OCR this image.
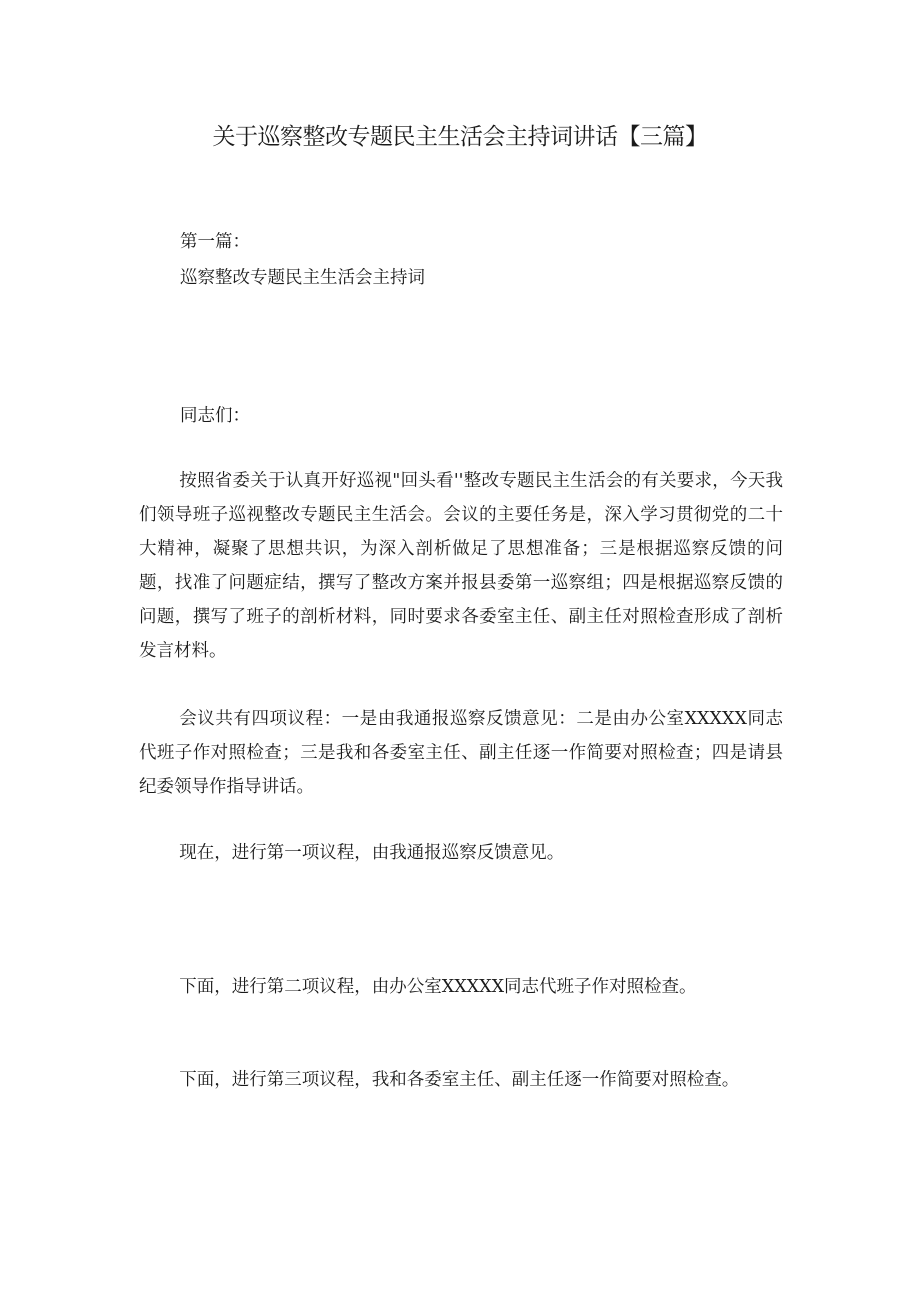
关于巡察整改专题民主生活会主持词讲话【三篇】

第一篇：

巡察整改专题民主生活会主持词

同志们：

按照省委关于认真开好巡视"回头看''整改专题民主生活会的有关要求，今天我们领导班子巡视整改专题民主生活会。会议的主要任务是，深入学习贯彻党的二十大精神，凝聚了思想共识，为深入剖析做足了思想准备；三是根据巡察反馈的问题，找准了问题症结，撰写了整改方案并报县委第一巡察组；四是根据巡察反馈的问题，撰写了班子的剖析材料，同时要求各委室主任、副主任对照检查形成了剖析发言材料。

会议共有四项议程：一是由我通报巡察反馈意见：二是由办公室XXXXX同志代班子作对照检查；三是我和各委室主任、副主任逐一作简要对照检查；四是请县纪委领导作指导讲话。

现在，进行第一项议程，由我通报巡察反馈意见。

下面，进行第二项议程，由办公室XXXXX同志代班子作对照检查。

下面，进行第三项议程，我和各委室主任、副主任逐一作简要对照检查。
